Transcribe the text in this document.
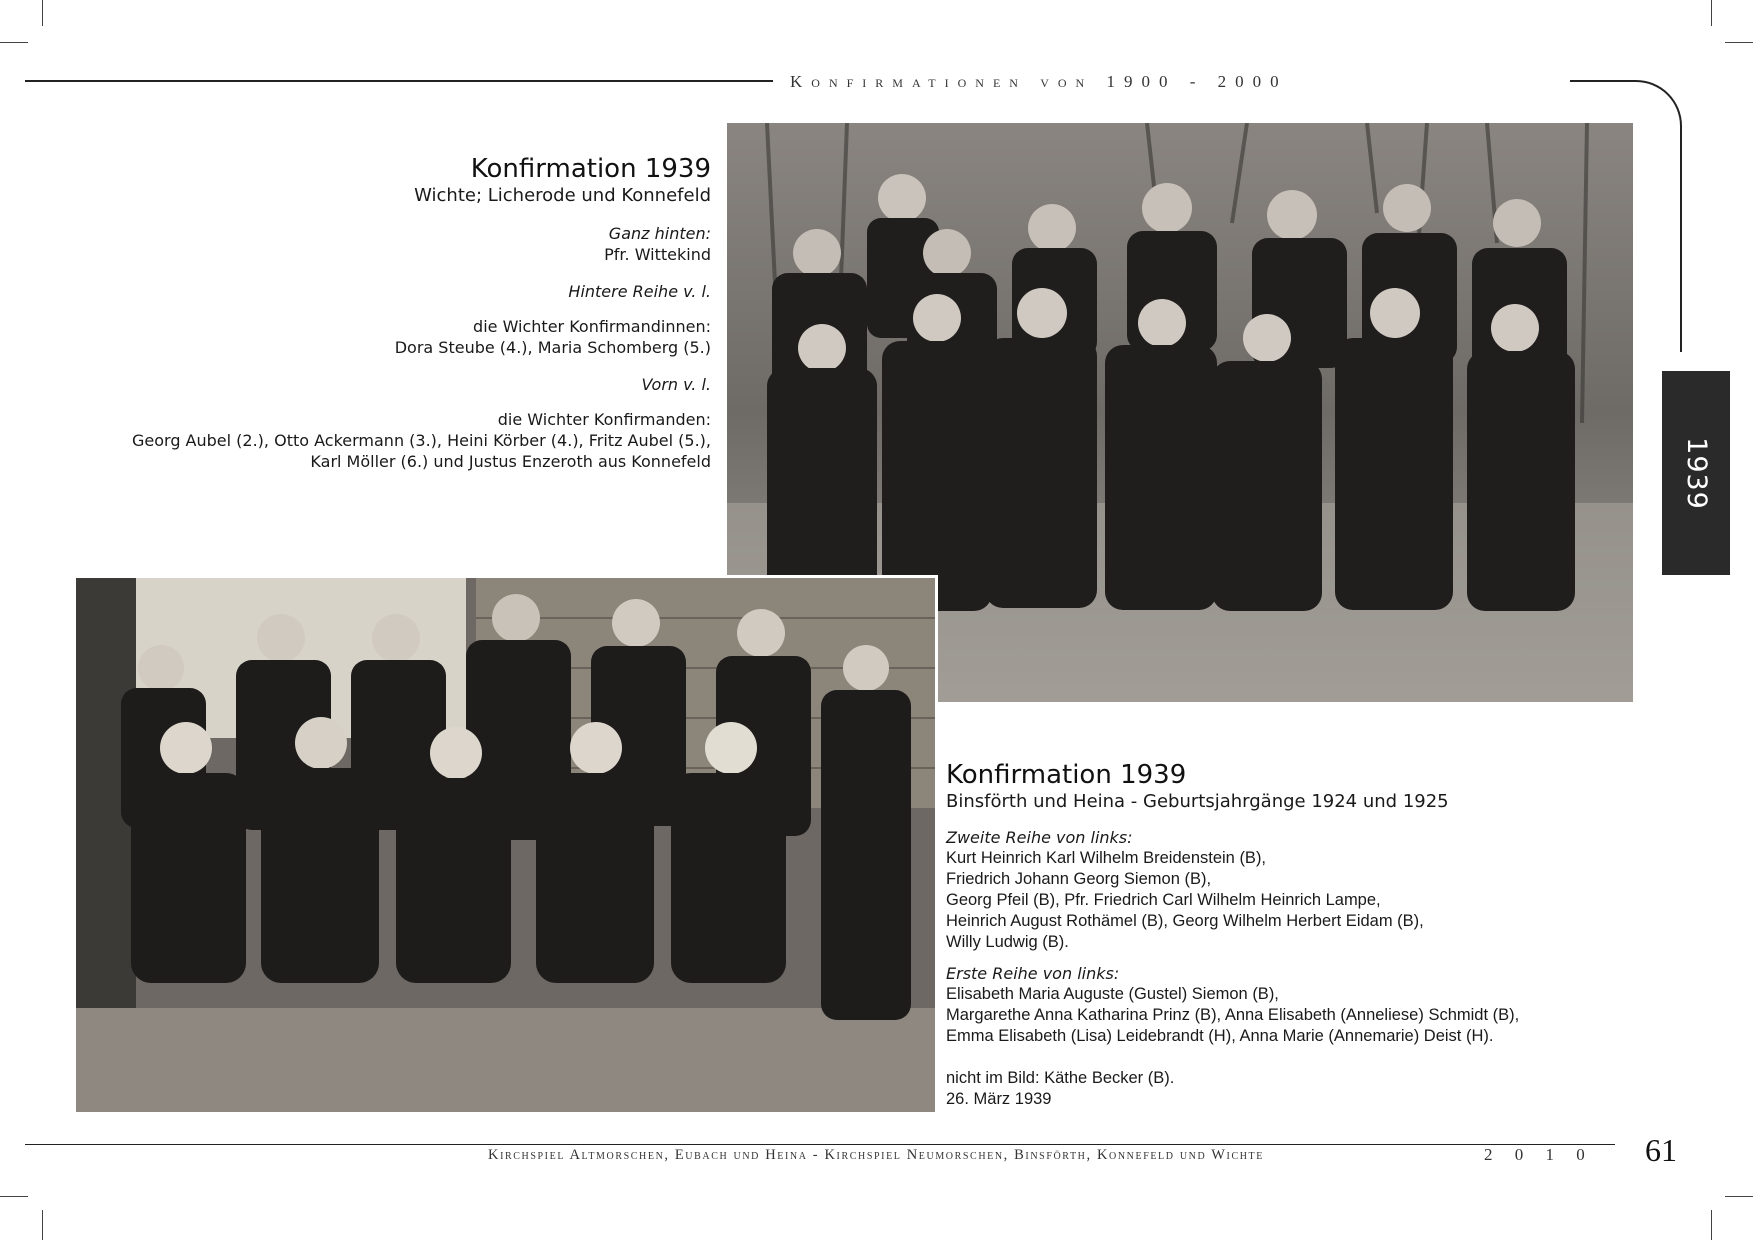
Konfirmationen von 1900 - 2000
1939
Konfirmation 1939
Wichte; Licherode und Konnefeld
Ganz hinten:
Pfr. Wittekind
Hintere Reihe v. l.
die Wichter Konfirmandinnen:
Dora Steube (4.), Maria Schomberg (5.)
Vorn v. l.
die Wichter Konfirmanden:
Georg Aubel (2.), Otto Ackermann (3.), Heini Körber (4.), Fritz Aubel (5.),
Karl Möller (6.) und Justus Enzeroth aus Konnefeld
Konfirmation 1939
Binsförth und Heina - Geburtsjahrgänge 1924 und 1925
Zweite Reihe von links:
Kurt Heinrich Karl Wilhelm Breidenstein (B),
Friedrich Johann Georg Siemon (B),
Georg Pfeil (B), Pfr. Friedrich Carl Wilhelm Heinrich Lampe,
Heinrich August Rothämel (B), Georg Wilhelm Herbert Eidam (B),
Willy Ludwig (B).
Erste Reihe von links:
Elisabeth Maria Auguste (Gustel) Siemon (B),
Margarethe Anna Katharina Prinz (B), Anna Elisabeth (Anneliese) Schmidt (B),
Emma Elisabeth (Lisa) Leidebrandt (H), Anna Marie (Annemarie) Deist (H).
nicht im Bild: Käthe Becker (B).
26. März 1939
Kirchspiel Altmorschen, Eubach und Heina - Kirchspiel Neumorschen, Binsförth, Konnefeld und Wichte	2 0 1 0 61
